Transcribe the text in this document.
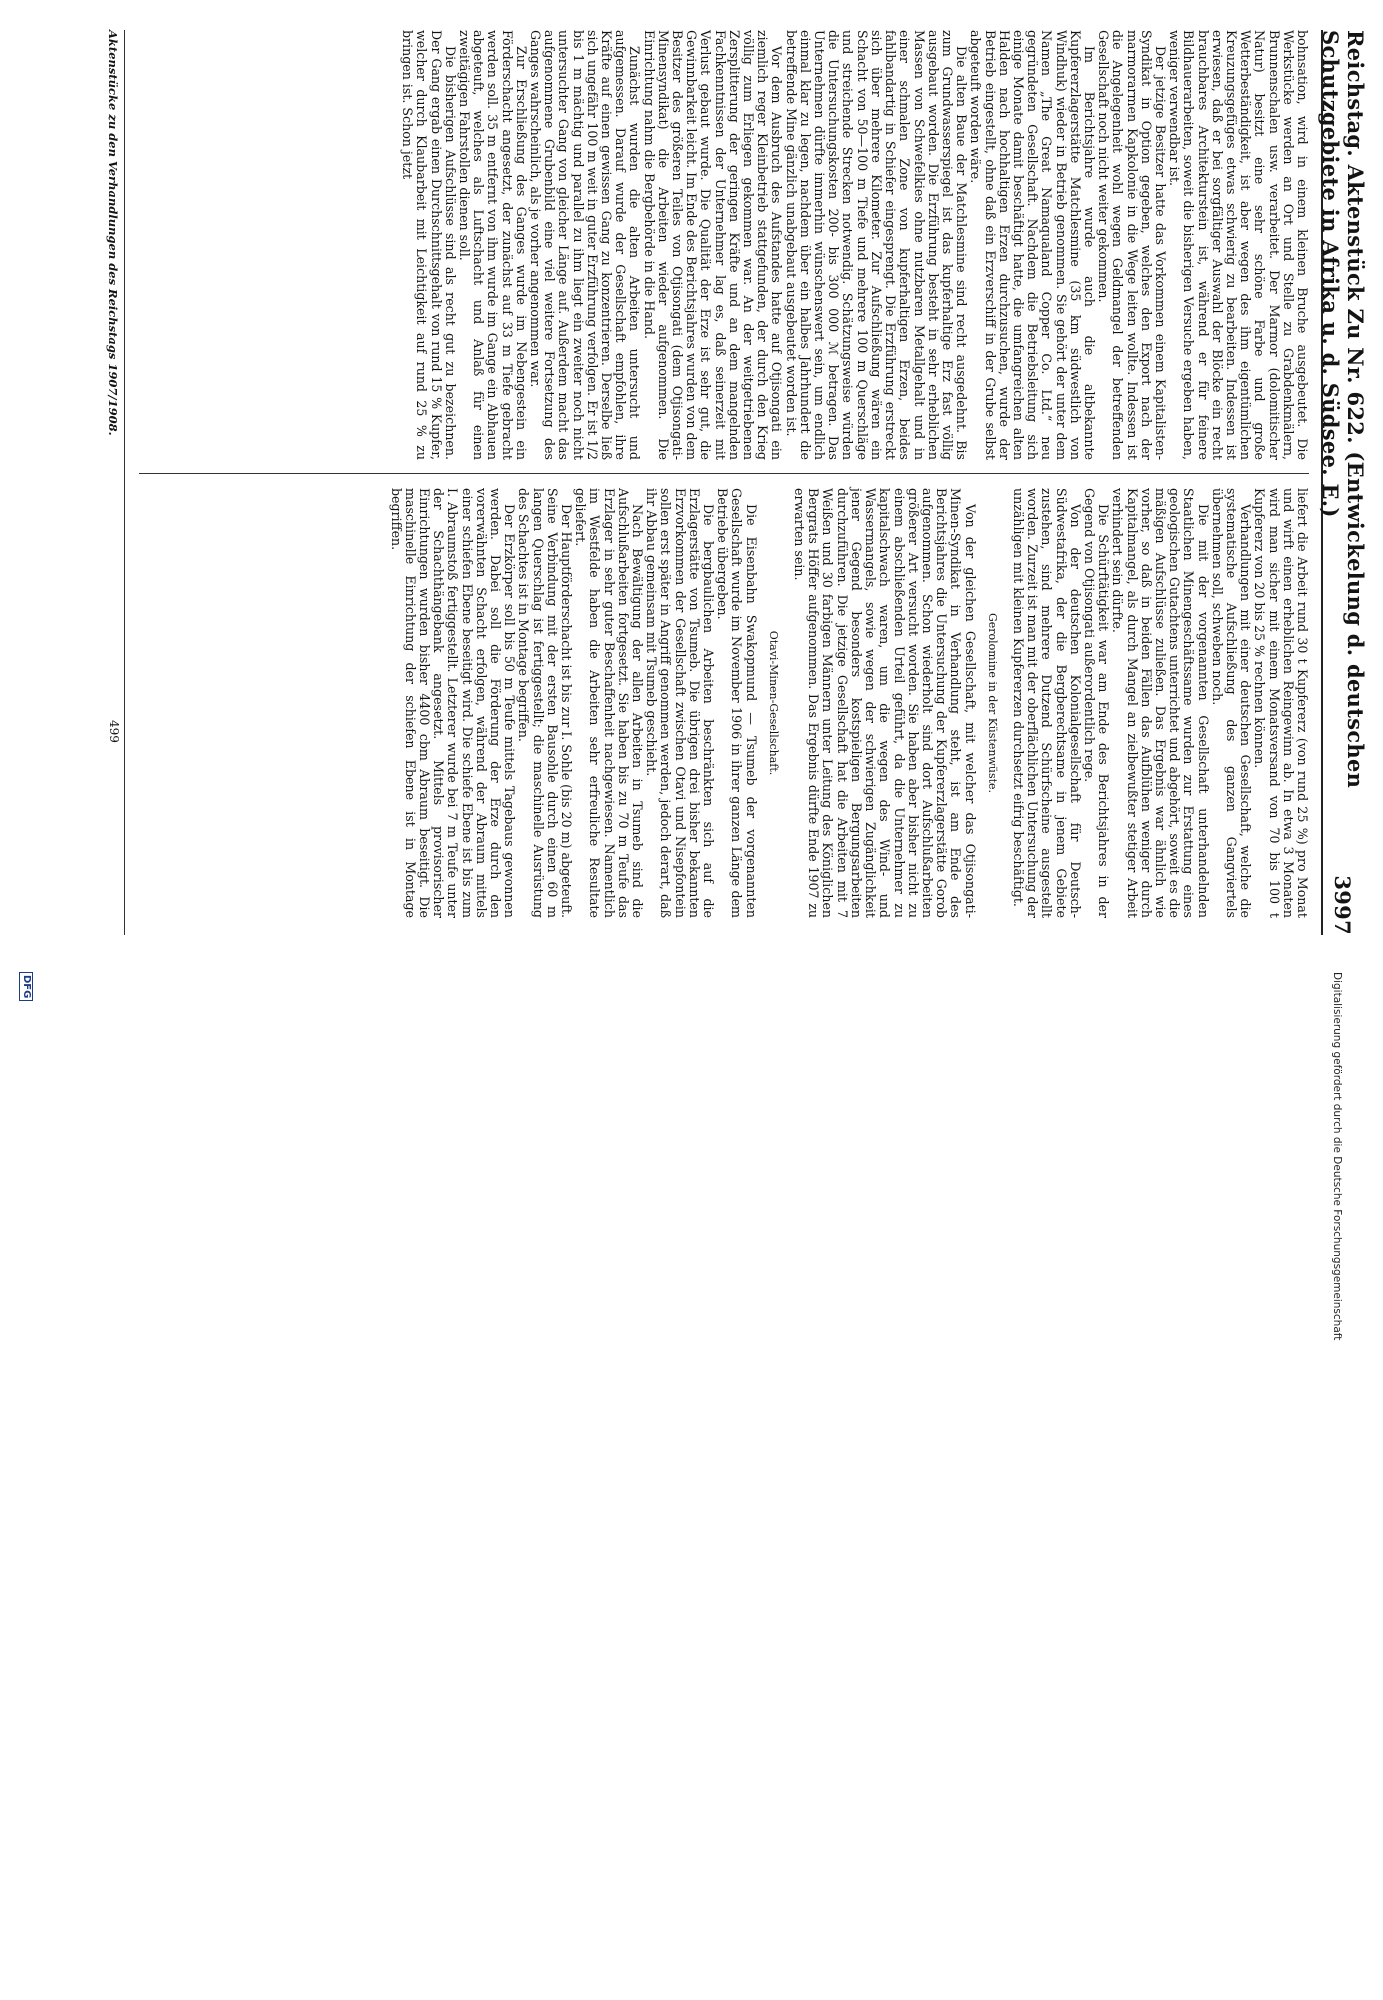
Reichstag. Aktenstück Zu Nr. 622. (Entwickelung d. deutschen Schutzgebiete in Afrika u. d. Südsee. E.)
3997

bohnsation, wird in einem kleinen Bruche ausgebeutet. Die Werkstücke werden an Ort und Stelle zu Grabdenkmälern, Brunnenschalen usw. verarbeitet. Der Marmor (dolomitischer Natur) besitzt eine sehr schöne Farbe und große Wetterbeständigkeit, ist aber wegen des ihm eigentümlichen Kreuzungsgefüges etwas schwierig zu bearbeiten. Indessen ist erwiesen, daß er bei sorgfältiger Auswahl der Blöcke ein recht brauchbares Architekturstein ist, während er für feinere Bildhauerarbeiten, soweit die bisherigen Versuche ergeben haben, weniger verwendbar ist.

Der jetzige Besitzer hatte das Vorkommen einem Kapitalisten-Syndikat in Option gegeben, welches den Export nach der marmorarmen Kapkolonie in die Wege leiten wollte. Indessen ist die Angelegenheit wohl wegen Geldmangel der betreffenden Gesellschaft noch nicht weiter gekommen.

Im Berichtsjahre wurde auch die altbekannte Kupfererzlagerstätte Matchlesmine (35 km südwestlich von Windhuk) wieder in Betrieb genommen. Sie gehört der unter dem Namen „The Great Namaqualand Copper Co. Ltd.“ neu gegründeten Gesellschaft. Nachdem die Betriebsleitung sich einige Monate damit beschäftigt hatte, die umfangreichen alten Halden nach hochhaltigen Erzen durchzusuchen, wurde der Betrieb eingestellt, ohne daß ein Erzverschiff in der Grube selbst abgeteuft worden wäre.

Die alten Baue der Matchlesmine sind recht ausgedehnt. Bis zum Grundwasserspiegel ist das kupferhaltige Erz fast völlig ausgebaut worden. Die Erzführung besteht in sehr erheblichen Massen von Schwefelkies ohne nutzbaren Metallgehalt und in einer schmalen Zone von kupferhaltigen Erzen, beides fahlbandartig in Schiefer eingesprengt. Die Erzführung erstreckt sich über mehrere Kilometer. Zur Aufschließung wären ein Schacht von 50—100 m Tiefe und mehrere 100 m Querschläge und streichende Strecken notwendig. Schätzungsweise würden die Untersuchungskosten 200- bis 300 000 ℳ betragen. Das Unternehmen dürfte immerhin wünschenswert sein, um endlich einmal klar zu legen, nachdem über ein halbes Jahrhundert die betreffende Mine gänzlich unabgebaut ausgebeutet worden ist.

Vor dem Ausbruch des Aufstandes hatte auf Otjisongati ein ziemlich reger Kleinbetrieb stattgefunden, der durch den Krieg völlig zum Erliegen gekommen war. An der weitgetriebenen Zersplitterung der geringen Kräfte und an dem mangelnden Fachkenntnissen der Unternehmer lag es, daß seinerzeit mit Verlust gebaut wurde. Die Qualität der Erze ist sehr gut, die Gewinnbarkeit leicht. Im Ende des Berichtsjahres wurden von dem Besitzer des größeren Teiles von Otjisongati (dem Otjisongati-Minensyndikat) die Arbeiten wieder aufgenommen. Die Einrichtung nahm die Bergbehörde in die Hand.

Zunächst wurden die alten Arbeiten untersucht und aufgemessen. Darauf wurde der Gesellschaft empfohlen, ihre Kräfte auf einen gewissen Gang zu konzentrieren. Derselbe ließ sich ungefähr 100 m weit in guter Erzführung verfolgen. Er ist 1/2 bis 1 m mächtig und parallel zu ihm liegt ein zweiter noch nicht untersuchter Gang von gleicher Länge auf. Außerdem macht das aufgenommene Grubenbild eine viel weitere Fortsetzung des Ganges wahrscheinlich, als je vorher angenommen war.

Zur Erschließung des Ganges wurde im Nebengestein ein Förderschacht angesetzt, der zunächst auf 33 m Tiefe gebracht werden soll. 35 m entfernt von ihm wurde im Gange ein Abhauen abgeteuft, welches als Luftschacht und Anlaß für einen zweitägigen Fahrstollen dienen soll.

Die bisherigen Aufschlüsse sind als recht gut zu bezeichnen. Der Gang ergab einen Durchschnittsgehalt von rund 15 % Kupfer, welcher durch Klaubarbeit mit Leichtigkeit auf rund 25 % zu bringen ist. Schon jetzt

liefert die Arbeit rund 30 t Kupfererz (von rund 25 %) pro Monat und wirft einen erheblichen Reingewinn ab. In etwa 3 Monaten wird man sicher mit einem Monatsversand von 70 bis 100 t Kupfererz von 20 bis 25 % rechnen können.

Verhandlungen mit einer deutschen Gesellschaft, welche die systematische Aufschließung des ganzen Gangviertels übernehmen soll, schweben noch.

Die mit der vorgenannten Gesellschaft unterhandelnden Staatlichen Minengeschäftssame wurden zur Erstattung eines geologischen Gutachtens unterrichtet und abgehört, soweit es die mäßigen Aufschlüsse zuließen. Das Ergebnis war ähnlich wie vorher, so daß in beiden Fällen das Aufblühen weniger durch Kapitalmangel, als durch Mangel an zielbewußter stetiger Arbeit verhindert sein dürfte.

Die Schürftätigkeit war am Ende des Berichtsjahres in der Gegend von Otjisongati außerordentlich rege.

Von der deutschen Kolonialgesellschaft für Deutsch-Südwestafrika, der die Bergberechtsame in jenem Gebiete zustehen, sind mehrere Dutzend Schürfscheine ausgestellt worden. Zurzeit ist man mit der oberflächlichen Untersuchung der unzähligen mit kleinen Kupfererzen durchsetzt eifrig beschäftigt.

Gerolomine in der Küstenwüste.

Von der gleichen Gesellschaft, mit welcher das Otjisongati-Minen-Syndikat in Verhandlung steht, ist am Ende des Berichtsjahres die Untersuchung der Kupfererzlagerstätte Gorob aufgenommen. Schon wiederholt sind dort Aufschlußarbeiten größerer Art versucht worden. Sie haben aber bisher nicht zu einem abschließenden Urteil geführt, da die Unternehmer zu kapitalschwach waren, um die wegen des Wind- und Wassermangels, sowie wegen der schwierigen Zugänglichkeit jener Gegend besonders kostspieligen Bergungsarbeiten durchzuführen. Die jetzige Gesellschaft hat die Arbeiten mit 7 Weißen und 30 farbigen Männern unter Leitung des Königlichen Bergrats Höffer aufgenommen. Das Ergebnis dürfte Ende 1907 zu erwarten sein.

Otavi-Minen-Gesellschaft.

Die Eisenbahn Swakopmund — Tsumeb der vorgenannten Gesellschaft wurde im November 1906 in ihrer ganzen Länge dem Betriebe übergeben.

Die bergbaulichen Arbeiten beschränkten sich auf die Erzlagerstätte von Tsumeb. Die übrigen drei bisher bekannten Erzvorkommen der Gesellschaft zwischen Otavi und Nisepfontein sollen erst später in Angriff genommen werden, jedoch derart, daß ihr Abbau gemeinsam mit Tsumeb geschieht.

Nach Bewältigung der allen Arbeiten in Tsumeb sind die Aufschlußarbeiten fortgesetzt. Sie haben bis zu 70 m Teufe das Erzlager in sehr guter Beschaffenheit nachgewiesen. Namentlich im Westfelde haben die Arbeiten sehr erfreuliche Resultate geliefert.

Der Hauptförderschacht ist bis zur I. Sohle (bis 20 m) abgeteuft. Seine Verbindung mit der ersten Bausohle durch einen 60 m langen Querschlag ist fertiggestellt; die maschinelle Ausrüstung des Schachtes ist in Montage begriffen.

Der Erzkörper soll bis 50 m Teufe mittels Tagebaus gewonnen werden. Dabei soll die Förderung der Erze durch den vorerwähnten Schacht erfolgen, während der Abraum mittels einer schiefen Ebene beseitigt wird. Die schiefe Ebene ist bis zum I. Abraumstoß fertiggestellt. Letzterer wurde bei 7 m Teufe unter der Schachthängebank angesetzt. Mittels provisorischer Einrichtungen wurden bisher 4400 cbm Abraum beseitigt. Die maschinelle Einrichtung der schiefen Ebene ist in Montage begriffen.

Aktenstücke zu den Verhandlungen des Reichstags 1907/1908.
499
Digitalisierung gefördert durch die Deutsche Forschungsgemeinschaft
DFG
